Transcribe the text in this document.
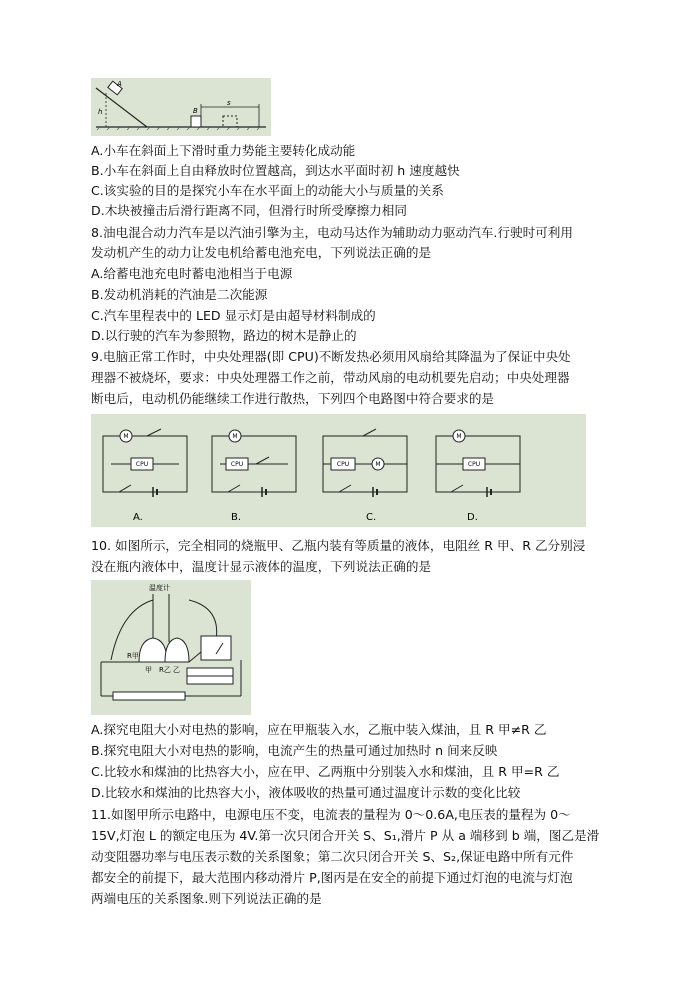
A
h	B
s
A.小车在斜面上下滑时重力势能主要转化成动能
B.小车在斜面上自由释放时位置越高，到达水平面时初 h 速度越快
C.该实验的目的是探究小车在水平面上的动能大小与质量的关系
D.木块被撞击后滑行距离不同，但滑行时所受摩擦力相同
8.油电混合动力汽车是以汽油引擎为主，电动马达作为辅助动力驱动汽车.行驶时可利用
发动机产生的动力让发电机给蓄电池充电，下列说法正确的是
A.给蓄电池充电时蓄电池相当于电源
B.发动机消耗的汽油是二次能源
C.汽车里程表中的 LED 显示灯是由超导材料制成的
D.以行驶的汽车为参照物，路边的树木是静止的
9.电脑正常工作时，中央处理器(即 CPU)不断发热必须用风扇给其降温为了保证中央处
理器不被烧坏，要求：中央处理器工作之前，带动风扇的电动机要先启动；中央处理器
断电后，电动机仍能继续工作进行散热，下列四个电路图中符合要求的是
M
CPU
M
CPU	CPU	M
M
CPU
A.	B.	C.	D.
10. 如图所示，完全相同的烧瓶甲、乙瓶内装有等质量的液体，电阻丝 R 甲、R 乙分别浸
没在瓶内液体中，温度计显示液体的温度，下列说法正确的是
温度计
R甲
甲 R乙 乙
A.探究电阻大小对电热的影响，应在甲瓶装入水，乙瓶中装入煤油，且 R 甲≠R 乙
B.探究电阻大小对电热的影响，电流产生的热量可通过加热时 n 间来反映
C.比较水和煤油的比热容大小，应在甲、乙两瓶中分别装入水和煤油，且 R 甲=R 乙
D.比较水和煤油的比热容大小，液体吸收的热量可通过温度计示数的变化比较
11.如图甲所示电路中，电源电压不变，电流表的量程为 0～0.6A,电压表的量程为 0～
15V,灯泡 L 的额定电压为 4V.第一次只闭合开关 S、S₁,滑片 P 从 a 端移到 b 端，图乙是滑
动变阻器功率与电压表示数的关系图象；第二次只闭合开关 S、S₂,保证电路中所有元件
都安全的前提下，最大范围内移动滑片 P,图丙是在安全的前提下通过灯泡的电流与灯泡
两端电压的关系图象.则下列说法正确的是
